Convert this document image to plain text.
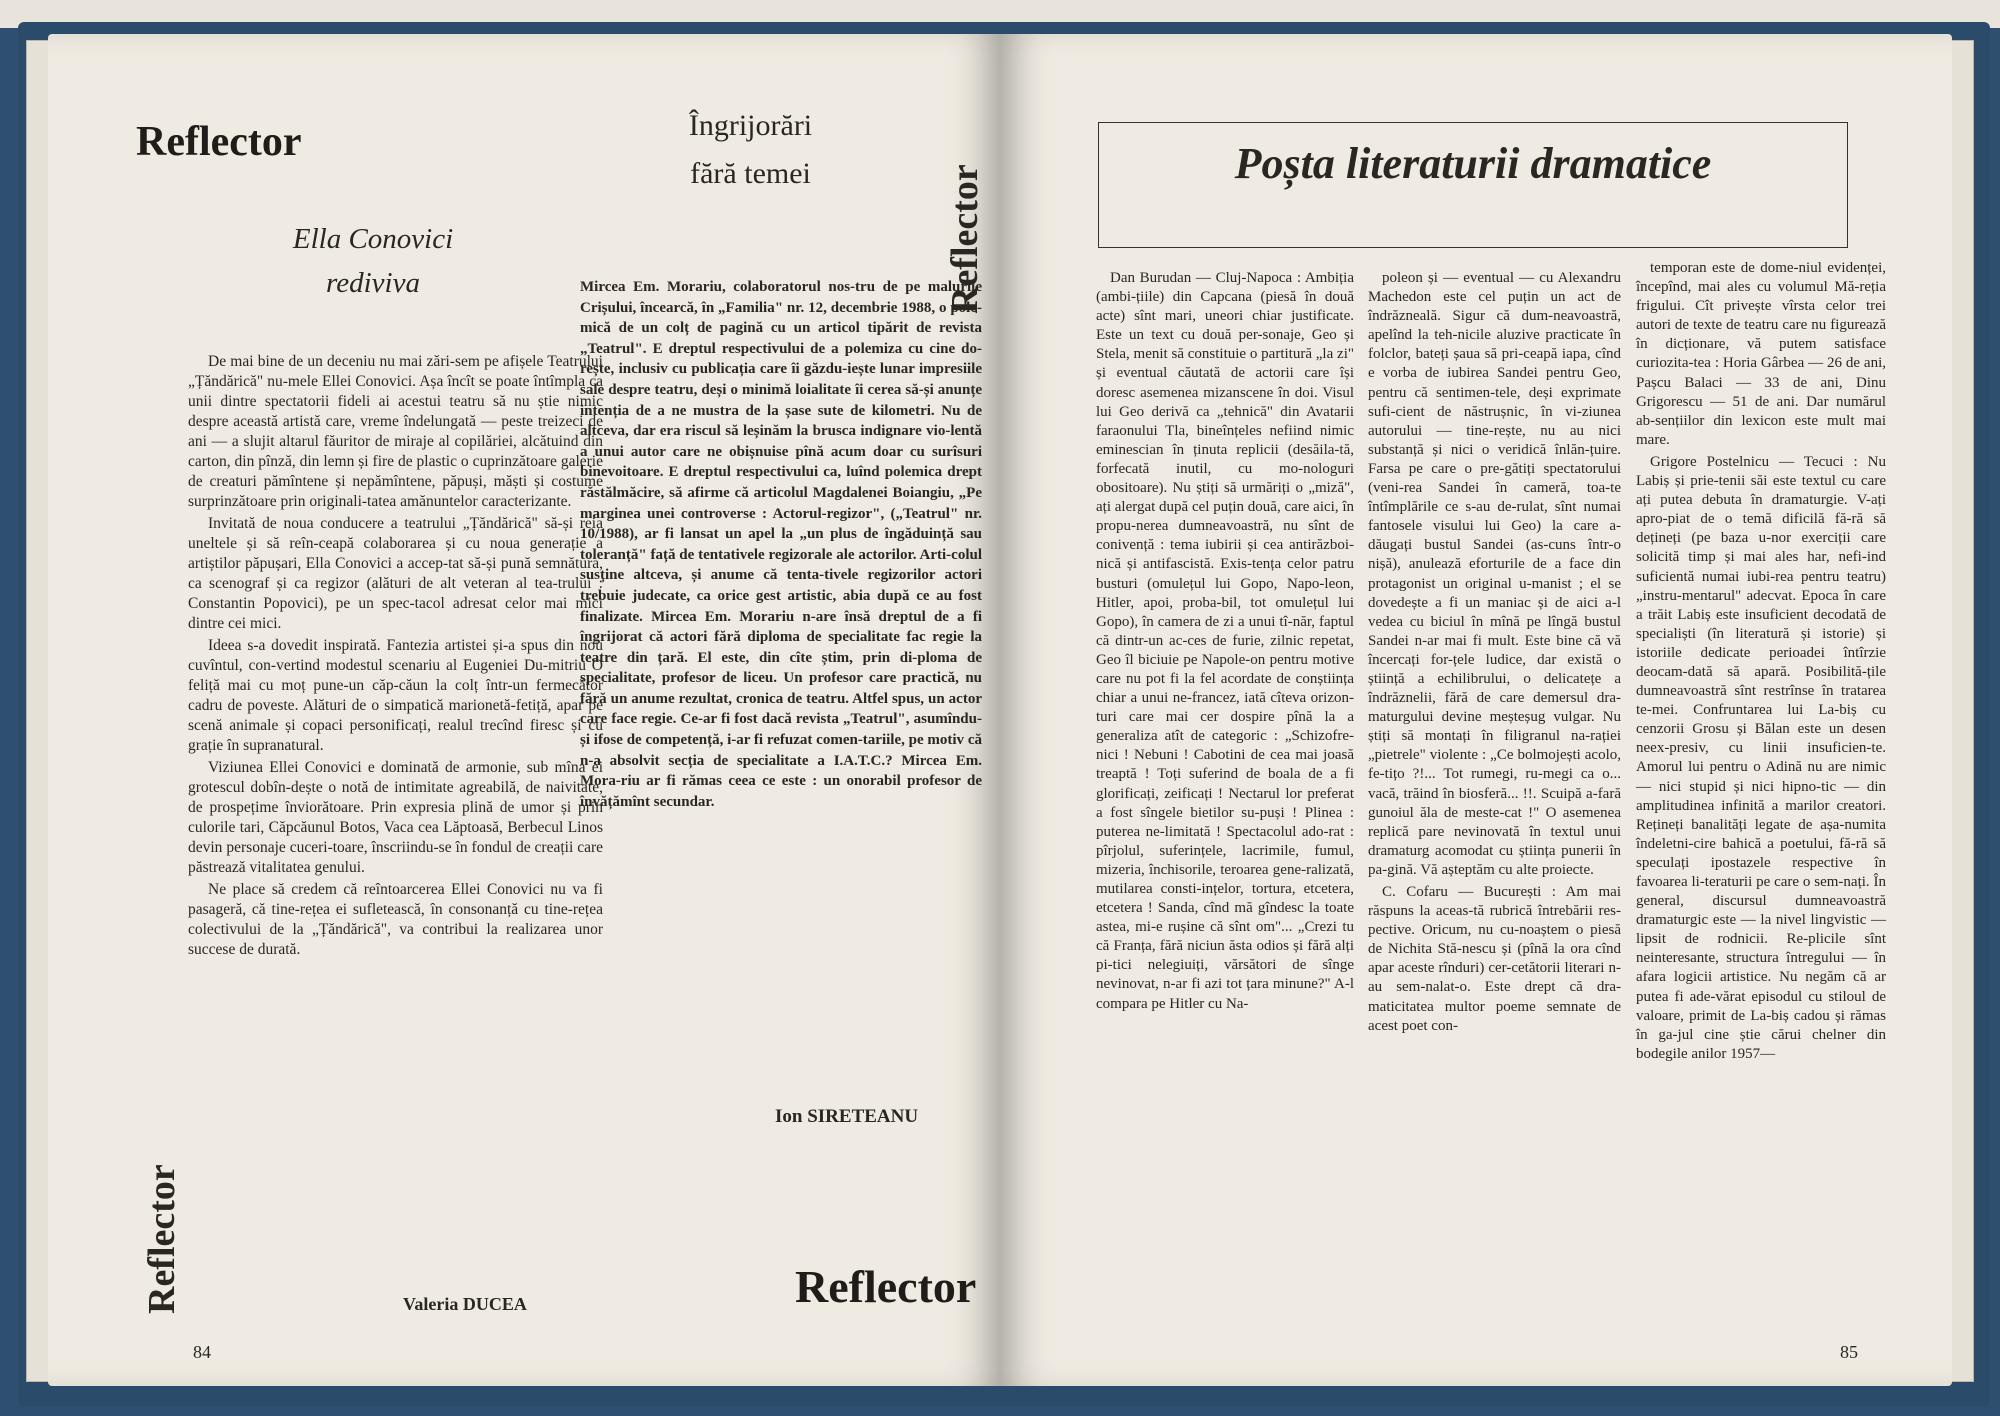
Reflector
Ella Conovici
rediviva

De mai bine de un deceniu nu mai zări-sem pe afișele Teatrului „Țăndărică" nu-mele Ellei Conovici. Așa încît se poate întîmpla ca unii dintre spectatorii fideli ai acestui teatru să nu știe nimic despre această artistă care, vreme îndelungată — peste treizeci de ani — a slujit altarul făuritor de miraje al copilăriei, alcătuind din carton, din pînză, din lemn și fire de plastic o cuprinzătoare galerie de creaturi pămîntene și nepămîntene, păpuși, măști și costume surprinzătoare prin originali-tatea amănuntelor caracterizante.

Invitată de noua conducere a teatrului „Țăndărică" să-și reia uneltele și să reîn-ceapă colaborarea și cu noua generație a artiștilor păpușari, Ella Conovici a accep-tat să-și pună semnătura, ca scenograf și ca regizor (alături de alt veteran al tea-trului : Constantin Popovici), pe un spec-tacol adresat celor mai mici dintre cei mici.

Ideea s-a dovedit inspirată. Fantezia artistei și-a spus din nou cuvîntul, con-vertind modestul scenariu al Eugeniei Du-mitriu O feliță mai cu moț pune-un căp-căun la colț într-un fermecător cadru de poveste. Alături de o simpatică marionetă-fetiță, apar pe scenă animale și copaci personificați, realul trecînd firesc și cu grație în supranatural.

Viziunea Ellei Conovici e dominată de armonie, sub mîna ei grotescul dobîn-dește o notă de intimitate agreabilă, de naivitate, de prospețime înviorătoare. Prin expresia plină de umor și prin culorile tari, Căpcăunul Botos, Vaca cea Lăptoasă, Berbecul Linos devin personaje cuceri-toare, înscriindu-se în fondul de creații care păstrează vitalitatea genului.

Ne place să credem că reîntoarcerea Ellei Conovici nu va fi pasageră, că tine-rețea ei sufletească, în consonanță cu tine-rețea colectivului de la „Țăndărică", va contribui la realizarea unor succese de durată.

Valeria DUCEA
Reflector
84
Îngrijorări
fără temei	Reflector
Mircea Em. Morariu, colaboratorul nos-tru de pe malurile Crișului, încearcă, în „Familia" nr. 12, decembrie 1988, o pole-mică de un colț de pagină cu un articol tipărit de revista „Teatrul". E dreptul respectivului de a polemiza cu cine do-rește, inclusiv cu publicația care îi găzdu-iește lunar impresiile sale despre teatru, deși o minimă loialitate îi cerea să-și anunțe intenția de a ne mustra de la șase sute de kilometri. Nu de altceva, dar era riscul să leșinăm la brusca indignare vio-lentă a unui autor care ne obișnuise pînă acum doar cu surîsuri binevoitoare. E dreptul respectivului ca, luînd polemica drept răstălmăcire, să afirme că articolul Magdalenei Boiangiu, „Pe marginea unei controverse : Actorul-regizor", („Teatrul" nr. 10/1988), ar fi lansat un apel la „un plus de îngăduință sau toleranță" față de tentativele regizorale ale actorilor. Arti-colul susține altceva, și anume că tenta-tivele regizorilor actori trebuie judecate, ca orice gest artistic, abia după ce au fost finalizate. Mircea Em. Morariu n-are însă dreptul de a fi îngrijorat că actori fără diploma de specialitate fac regie la teatre din țară. El este, din cîte știm, prin di-ploma de specialitate, profesor de liceu. Un profesor care practică, nu fără un anume rezultat, cronica de teatru. Altfel spus, un actor care face regie. Ce-ar fi fost dacă revista „Teatrul", asumîndu-și ifose de competență, i-ar fi refuzat comen-tariile, pe motiv că n-a absolvit secția de specialitate a I.A.T.C.? Mircea Em. Mora-riu ar fi rămas ceea ce este : un onorabil profesor de învățămînt secundar.
Ion SIRETEANU
Reflector
Poșta literaturii dramatice

Dan Burudan — Cluj-Napoca : Ambiția (ambi-țiile) din Capcana (piesă în două acte) sînt mari, uneori chiar justificate. Este un text cu două per-sonaje, Geo și Stela, menit să constituie o partitură „la zi" și eventual căutată de actorii care își doresc asemenea mizanscene în doi. Visul lui Geo derivă ca „tehnică" din Avatarii faraonului Tla, bineînțeles nefiind nimic eminescian în ținuta replicii (desăila-tă, forfecată inutil, cu mo-nologuri obositoare). Nu știți să urmăriți o „miză", ați alergat după cel puțin două, care aici, în propu-nerea dumneavoastră, nu sînt de conivență : tema iubirii și cea antirăzboi-nică și antifascistă. Exis-tența celor patru busturi (omulețul lui Gopo, Napo-leon, Hitler, apoi, proba-bil, tot omulețul lui Gopo), în camera de zi a unui tî-năr, faptul că dintr-un ac-ces de furie, zilnic repetat, Geo îl biciuie pe Napole-on pentru motive care nu pot fi la fel acordate de conștiința chiar a unui ne-francez, iată cîteva orizon-turi care mai cer dospire pînă la a generaliza atît de categoric : „Schizofre-nici ! Nebuni ! Cabotini de cea mai joasă treaptă ! Toți suferind de boala de a fi glorificați, zeificați ! Nectarul lor preferat a fost sîngele bietilor su-puși ! Plinea : puterea ne-limitată ! Spectacolul ado-rat : pîrjolul, suferințele, lacrimile, fumul, mizeria, închisorile, teroarea gene-ralizată, mutilarea consti-ințelor, tortura, etcetera, etcetera ! Sanda, cînd mă gîndesc la toate astea, mi-e rușine că sînt om"... „Crezi tu că Franța, fără niciun ăsta odios și fără alți pi-tici nelegiuiți, vărsători de sînge nevinovat, n-ar fi azi tot țara minune?" A-l compara pe Hitler cu Na-

poleon și — eventual — cu Alexandru Machedon este cel puțin un act de îndrăzneală. Sigur că dum-neavoastră, apelînd la teh-nicile aluzive practicate în folclor, bateți șaua să pri-ceapă iapa, cînd e vorba de iubirea Sandei pentru Geo, pentru că sentimen-tele, deși exprimate sufi-cient de năstrușnic, în vi-ziunea autorului — tine-rește, nu au nici substanță și nici o veridică înlăn-țuire. Farsa pe care o pre-gătiți spectatorului (veni-rea Sandei în cameră, toa-te întîmplările ce s-au de-rulat, sînt numai fantosele visului lui Geo) la care a-dăugați bustul Sandei (as-cuns într-o nișă), anulează eforturile de a face din protagonist un original u-manist ; el se dovedește a fi un maniac și de aici a-l vedea cu biciul în mînă pe lîngă bustul Sandei n-ar mai fi mult. Este bine că vă încercați for-țele ludice, dar există o știință a echilibrului, o delicatețe a îndrăznelii, fără de care demersul dra-maturgului devine meșteșug vulgar. Nu știți să montați în filigranul na-rației „pietrele" violente : „Ce bolmojești acolo, fe-tițo ?!... Tot rumegi, ru-megi ca o... vacă, trăind în biosferă... !!. Scuipă a-fară gunoiul ăla de meste-cat !" O asemenea replică pare nevinovată în textul unui dramaturg acomodat cu știința punerii în pa-gină. Vă așteptăm cu alte proiecte.

C. Cofaru — București : Am mai răspuns la aceas-tă rubrică întrebării res-pective. Oricum, nu cu-noaștem o piesă de Nichita Stă-nescu și (pînă la ora cînd apar aceste rînduri) cer-cetătorii literari n-au sem-nalat-o. Este drept că dra-maticitatea multor poeme semnate de acest poet con-

temporan este de dome-niul evidenței, începînd, mai ales cu volumul Mă-reția frigului. Cît privește vîrsta celor trei autori de texte de teatru care nu figurează în dicționare, vă putem satisface curiozita-tea : Horia Gârbea — 26 de ani, Pașcu Balaci — 33 de ani, Dinu Grigorescu — 51 de ani. Dar numărul ab-sențiilor din lexicon este mult mai mare.

Grigore Postelnicu — Tecuci : Nu Labiș și prie-tenii săi este textul cu care ați putea debuta în dramaturgie. V-ați apro-piat de o temă dificilă fă-ră să dețineți (pe baza u-nor exerciții care solicită timp și mai ales har, nefi-ind suficientă numai iubi-rea pentru teatru) „instru-mentarul" adecvat. Epoca în care a trăit Labiș este insuficient decodată de specialiști (în literatură și istorie) și istoriile dedicate perioadei întîrzie deocam-dată să apară. Posibilită-țile dumneavoastră sînt restrînse în tratarea te-mei. Confruntarea lui La-biș cu cenzorii Grosu și Bălan este un desen neex-presiv, cu linii insuficien-te. Amorul lui pentru o Adină nu are nimic — nici stupid și nici hipno-tic — din amplitudinea infinită a marilor creatori. Rețineți banalități legate de așa-numita îndeletni-cire bahică a poetului, fă-ră să speculați ipostazele respective în favoarea li-teraturii pe care o sem-nați. În general, discursul dumneavoastră dramaturgic este — la nivel lingvistic — lipsit de rodnicii. Re-plicile sînt neinteresante, structura întregului — în afara logicii artistice. Nu negăm că ar putea fi ade-vărat episodul cu stiloul de valoare, primit de La-biș cadou și rămas în ga-jul cine știe cărui chelner din bodegile anilor 1957—

85
